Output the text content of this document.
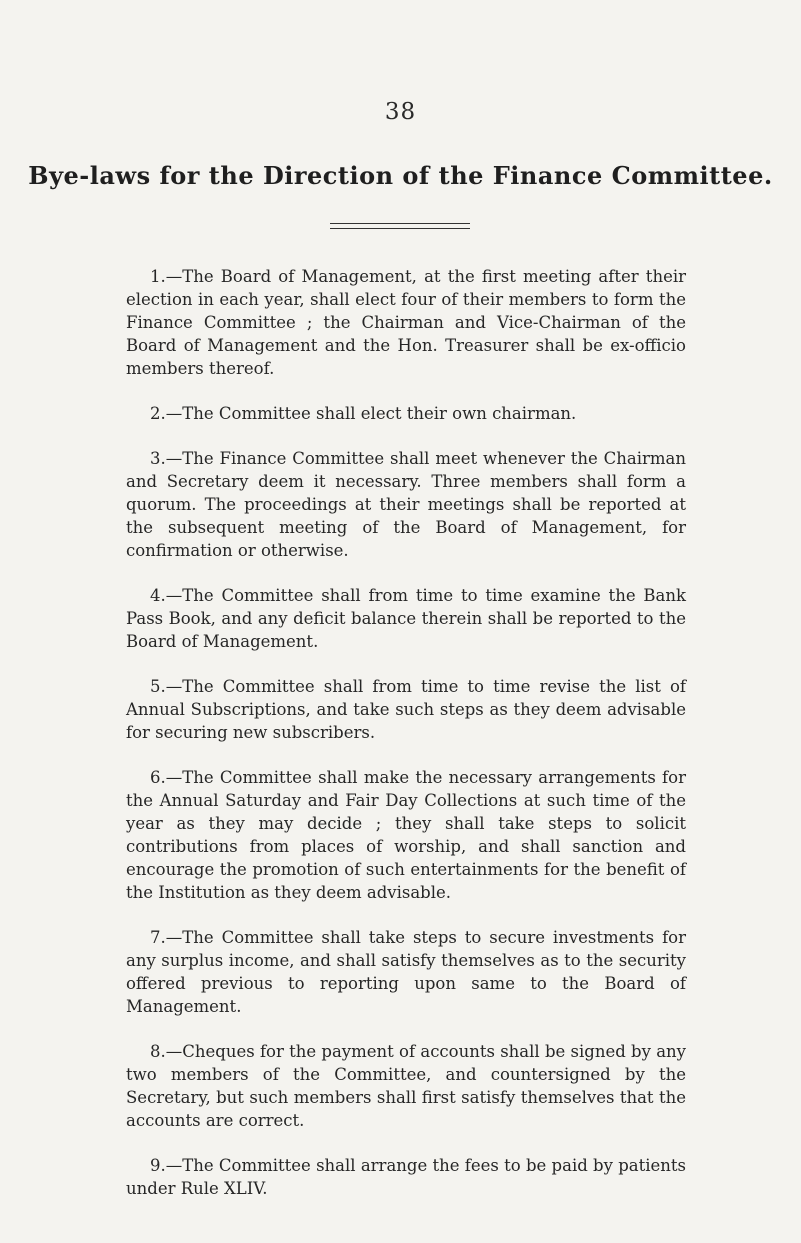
38
Bye-laws for the Direction of the Finance Committee.

1.—The Board of Management, at the first meeting after their election in each year, shall elect four of their members to form the Finance Committee ; the Chairman and Vice-Chairman of the Board of Management and the Hon. Treasurer shall be ex-officio members thereof.

2.—The Committee shall elect their own chairman.

3.—The Finance Committee shall meet whenever the Chairman and Secretary deem it necessary. Three members shall form a quorum. The proceedings at their meetings shall be reported at the subsequent meeting of the Board of Management, for confirmation or otherwise.

4.—The Committee shall from time to time examine the Bank Pass Book, and any deficit balance therein shall be reported to the Board of Management.

5.—The Committee shall from time to time revise the list of Annual Subscriptions, and take such steps as they deem advisable for securing new subscribers.

6.—The Committee shall make the necessary arrangements for the Annual Saturday and Fair Day Collections at such time of the year as they may decide ; they shall take steps to solicit contributions from places of worship, and shall sanction and encourage the promotion of such entertainments for the benefit of the Institution as they deem advisable.

7.—The Committee shall take steps to secure investments for any surplus income, and shall satisfy themselves as to the security offered previous to reporting upon same to the Board of Management.

8.—Cheques for the payment of accounts shall be signed by any two members of the Committee, and countersigned by the Secretary, but such members shall first satisfy themselves that the accounts are correct.

9.—The Committee shall arrange the fees to be paid by patients under Rule XLIV.
